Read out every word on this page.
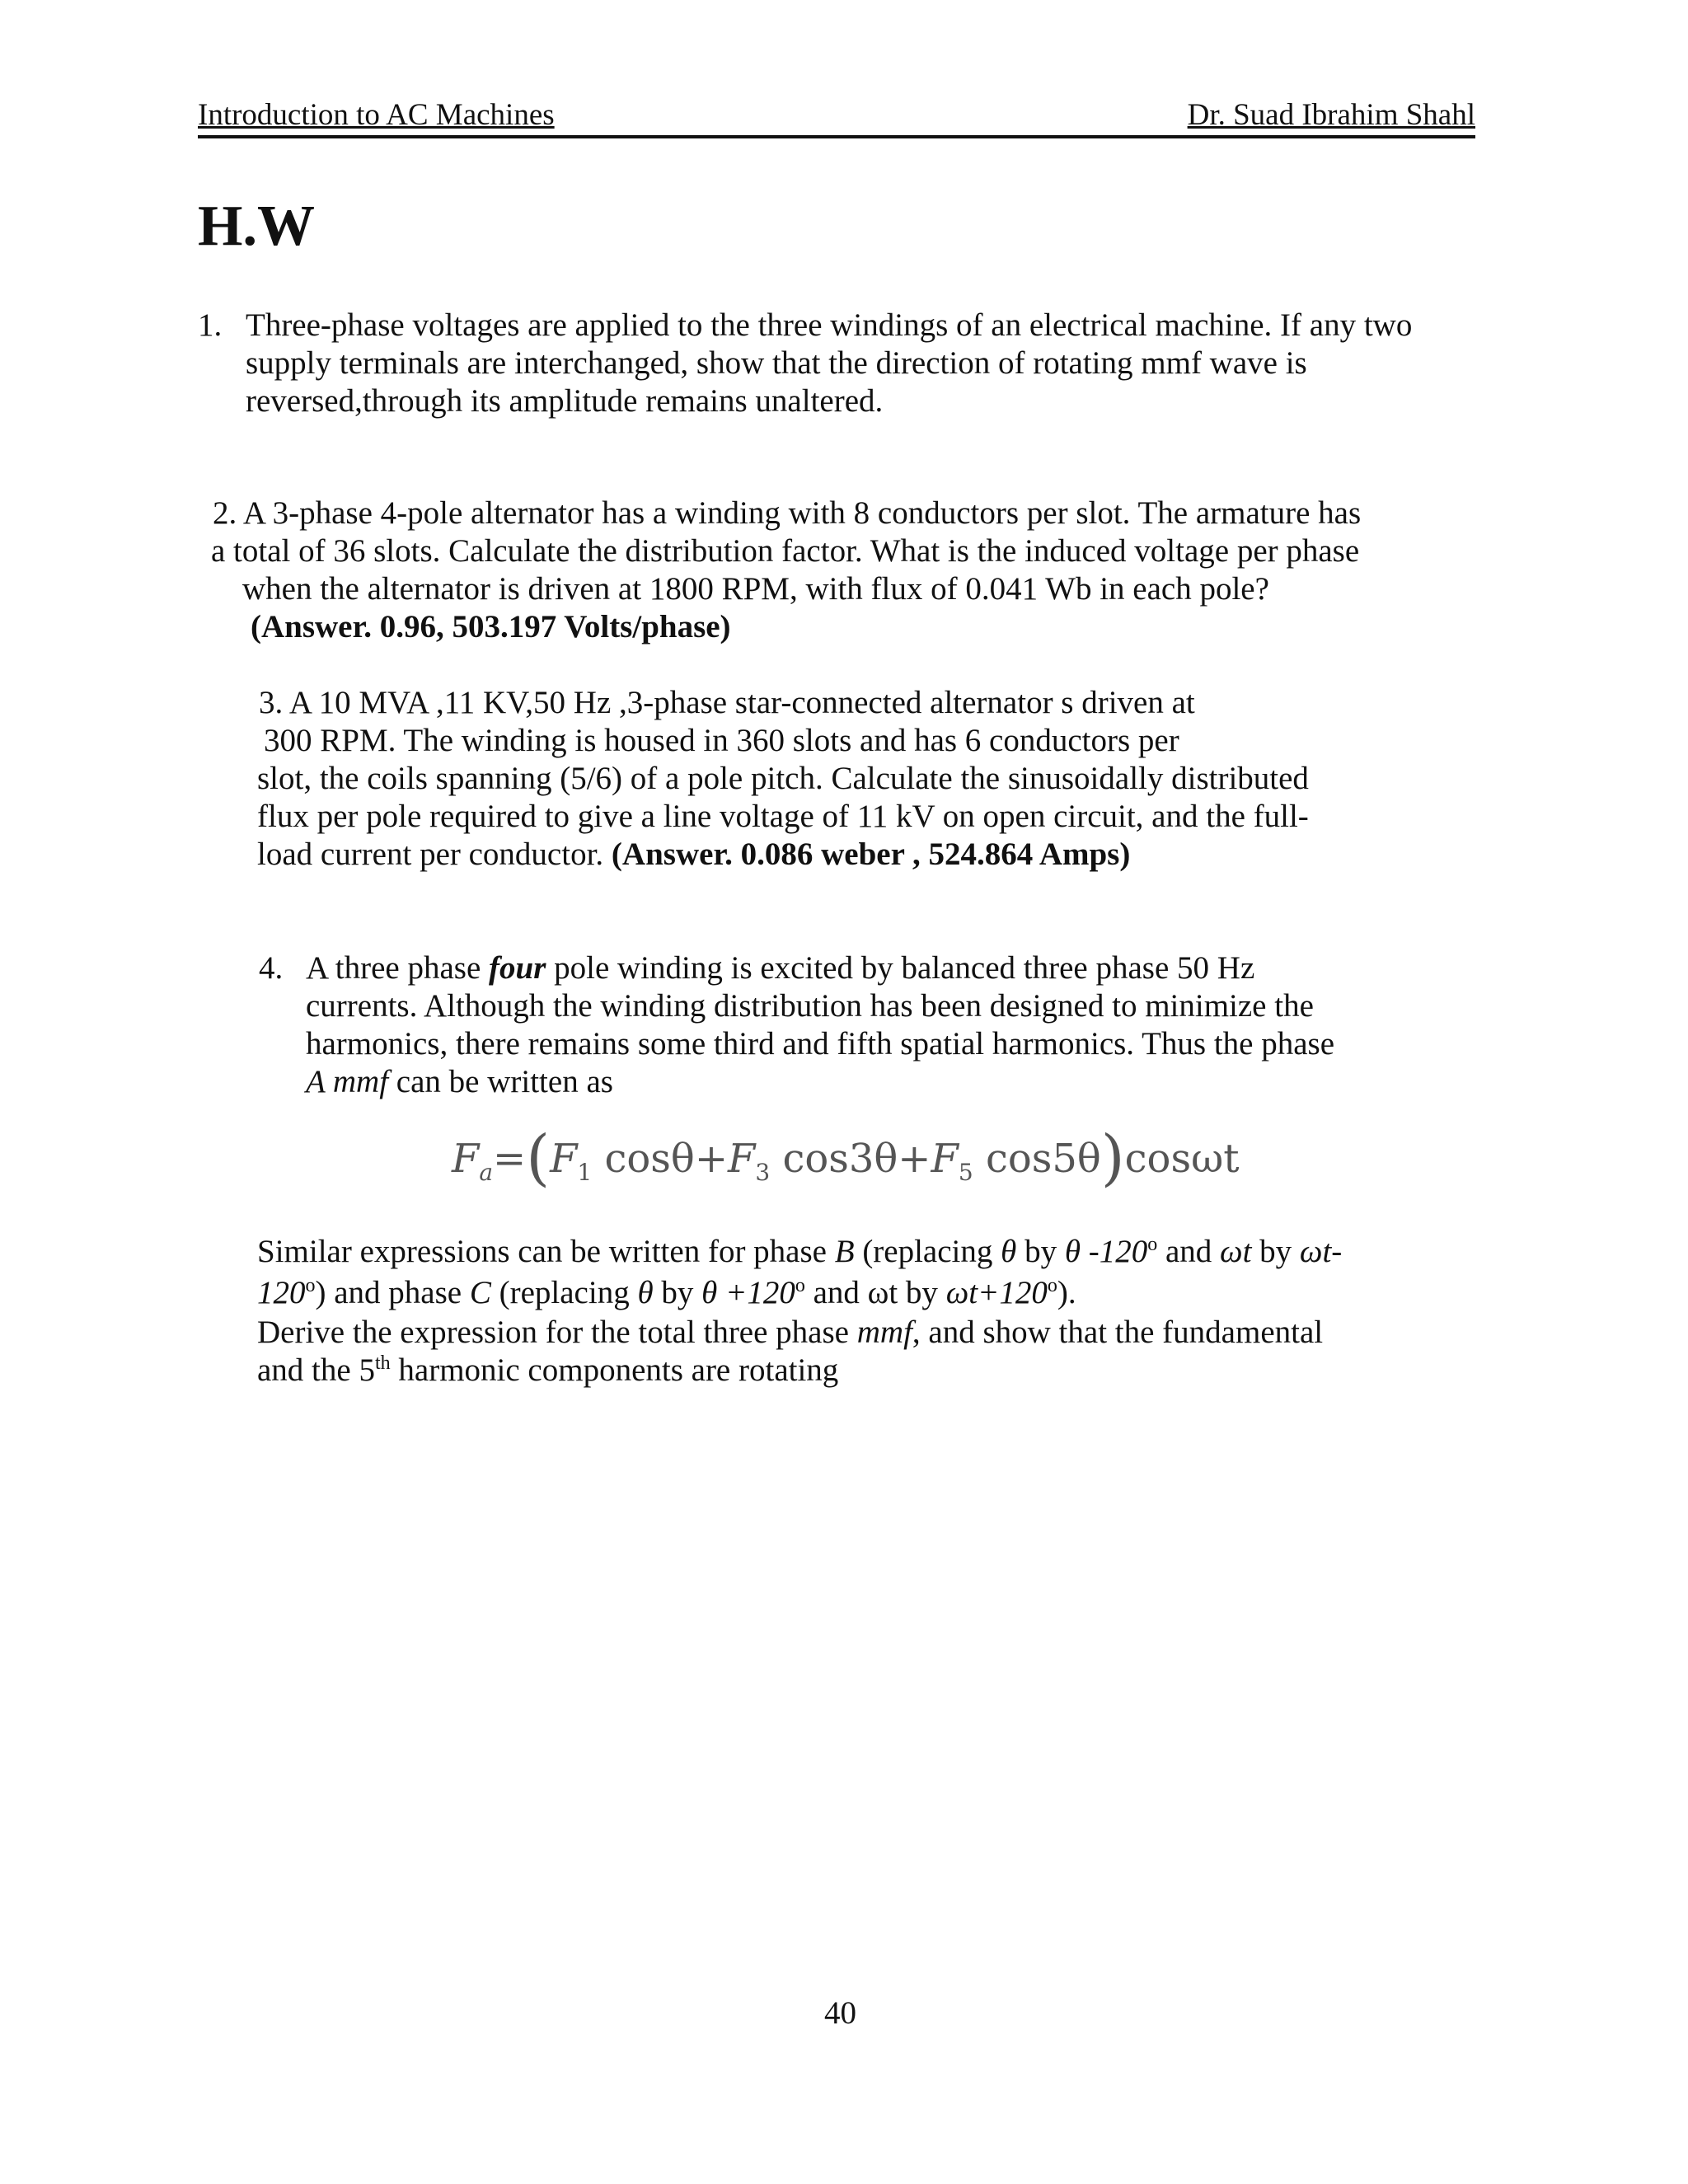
Introduction to AC Machines	Dr. Suad Ibrahim Shahl
H.W
1. Three-phase voltages are applied to the three windings of an electrical machine. If any two
supply terminals are interchanged, show that the direction of rotating mmf wave is
reversed,through its amplitude remains unaltered.
2. A 3-phase 4-pole alternator has a winding with 8 conductors per slot. The armature has
a total of 36 slots. Calculate the distribution factor. What is the induced voltage per phase
when the alternator is driven at 1800 RPM, with flux of 0.041 Wb in each pole?
(Answer. 0.96, 503.197 Volts/phase)
3. A 10 MVA ,11 KV,50 Hz ,3-phase star-connected alternator s driven at
300 RPM. The winding is housed in 360 slots and has 6 conductors per
slot, the coils spanning (5/6) of a pole pitch. Calculate the sinusoidally distributed
flux per pole required to give a line voltage of 11 kV on open circuit, and the full-
load current per conductor. (Answer. 0.086 weber , 524.864 Amps)
4. A three phase four pole winding is excited by balanced three phase 50 Hz
currents. Although the winding distribution has been designed to minimize the
harmonics, there remains some third and fifth spatial harmonics. Thus the phase
A mmf can be written as
$F_a=(F_1$ $\cos\theta+F_3$ $\cos 3\theta+F_5$ cos5θ)cosωt
Similar expressions can be written for phase B (replacing θ by θ -120$^o$ and ωt by ωt-
120$^o$) and phase C (replacing θ by $\theta +120^o$ and ωt by $\omega t+120^o$).
Derive the expression for the total three phase mmf, and show that the fundamental
and the 5th harmonic components are rotating
40
